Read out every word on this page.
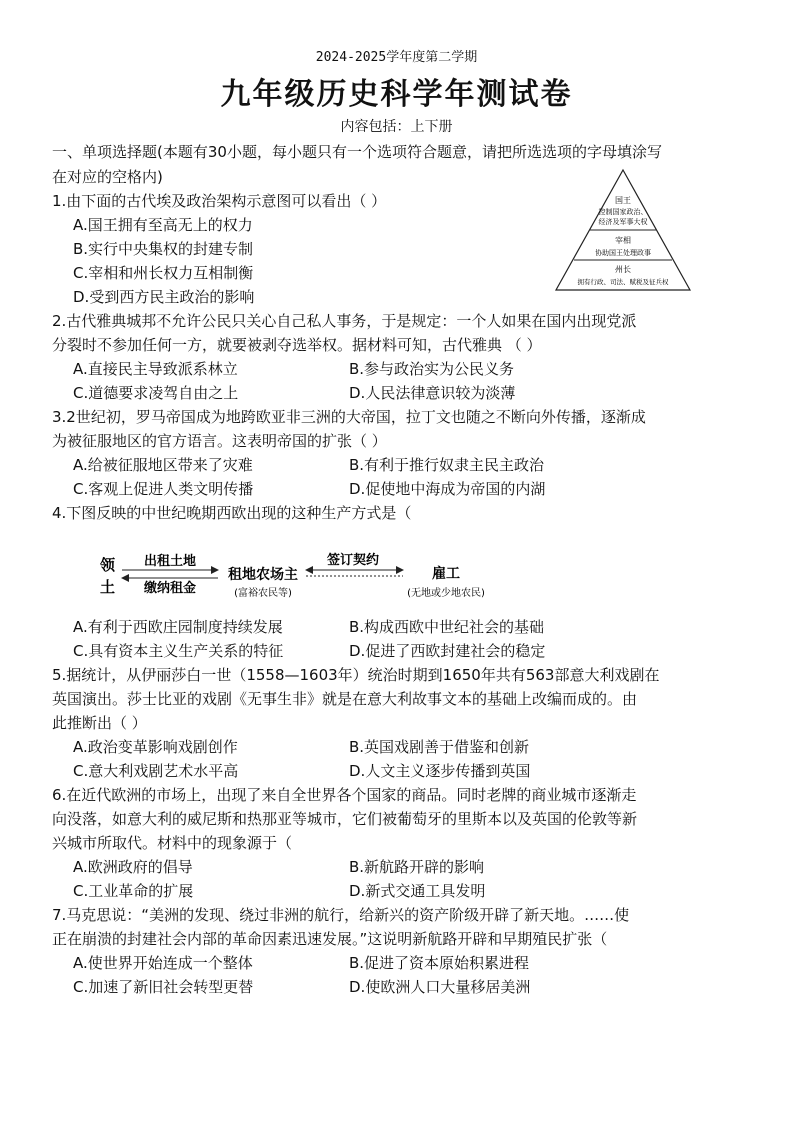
2024-2025学年度第二学期
九年级历史科学年测试卷
内容包括：上下册
一、单项选择题(本题有30小题，每小题只有一个选项符合题意，请把所选选项的字母填涂写
在对应的空格内)
1.由下面的古代埃及政治架构示意图可以看出（ ）
A.国王拥有至高无上的权力
B.实行中央集权的封建专制
C.宰相和州长权力互相制衡
D.受到西方民主政治的影响
国王
控制国家政治、
经济及军事大权
宰相
协助国王处理政事
州长
拥有行政、司法、赋税及征兵权
2.古代雅典城邦不允许公民只关心自己私人事务，于是规定：一个人如果在国内出现党派
分裂时不参加任何一方，就要被剥夺选举权。据材料可知，古代雅典 （ ）
A.直接民主导致派系林立	B.参与政治实为公民义务
C.道德要求凌驾自由之上	D.人民法律意识较为淡薄
3.2世纪初，罗马帝国成为地跨欧亚非三洲的大帝国，拉丁文也随之不断向外传播，逐渐成
为被征服地区的官方语言。这表明帝国的扩张（ ）
A.给被征服地区带来了灾难	B.有利于推行奴隶主民主政治
C.客观上促进人类文明传播	D.促使地中海成为帝国的内湖
4.下图反映的中世纪晚期西欧出现的这种生产方式是（
领
土
出租土地
缴纳租金
租地农场主
(富裕农民等)
签订契约
雇工
(无地或少地农民)
A.有利于西欧庄园制度持续发展	B.构成西欧中世纪社会的基础
C.具有资本主义生产关系的特征	D.促进了西欧封建社会的稳定
5.据统计，从伊丽莎白一世（1558—1603年）统治时期到1650年共有563部意大利戏剧在
英国演出。莎士比亚的戏剧《无事生非》就是在意大利故事文本的基础上改编而成的。由
此推断出（ ）
A.政治变革影响戏剧创作	B.英国戏剧善于借鉴和创新
C.意大利戏剧艺术水平高	D.人文主义逐步传播到英国
6.在近代欧洲的市场上，出现了来自全世界各个国家的商品。同时老牌的商业城市逐渐走
向没落，如意大利的威尼斯和热那亚等城市，它们被葡萄牙的里斯本以及英国的伦敦等新
兴城市所取代。材料中的现象源于（
A.欧洲政府的倡导	B.新航路开辟的影响
C.工业革命的扩展	D.新式交通工具发明
7.马克思说：“美洲的发现、绕过非洲的航行，给新兴的资产阶级开辟了新天地。……使
正在崩溃的封建社会内部的革命因素迅速发展。”这说明新航路开辟和早期殖民扩张（
A.使世界开始连成一个整体	B.促进了资本原始积累进程
C.加速了新旧社会转型更替	D.使欧洲人口大量移居美洲
